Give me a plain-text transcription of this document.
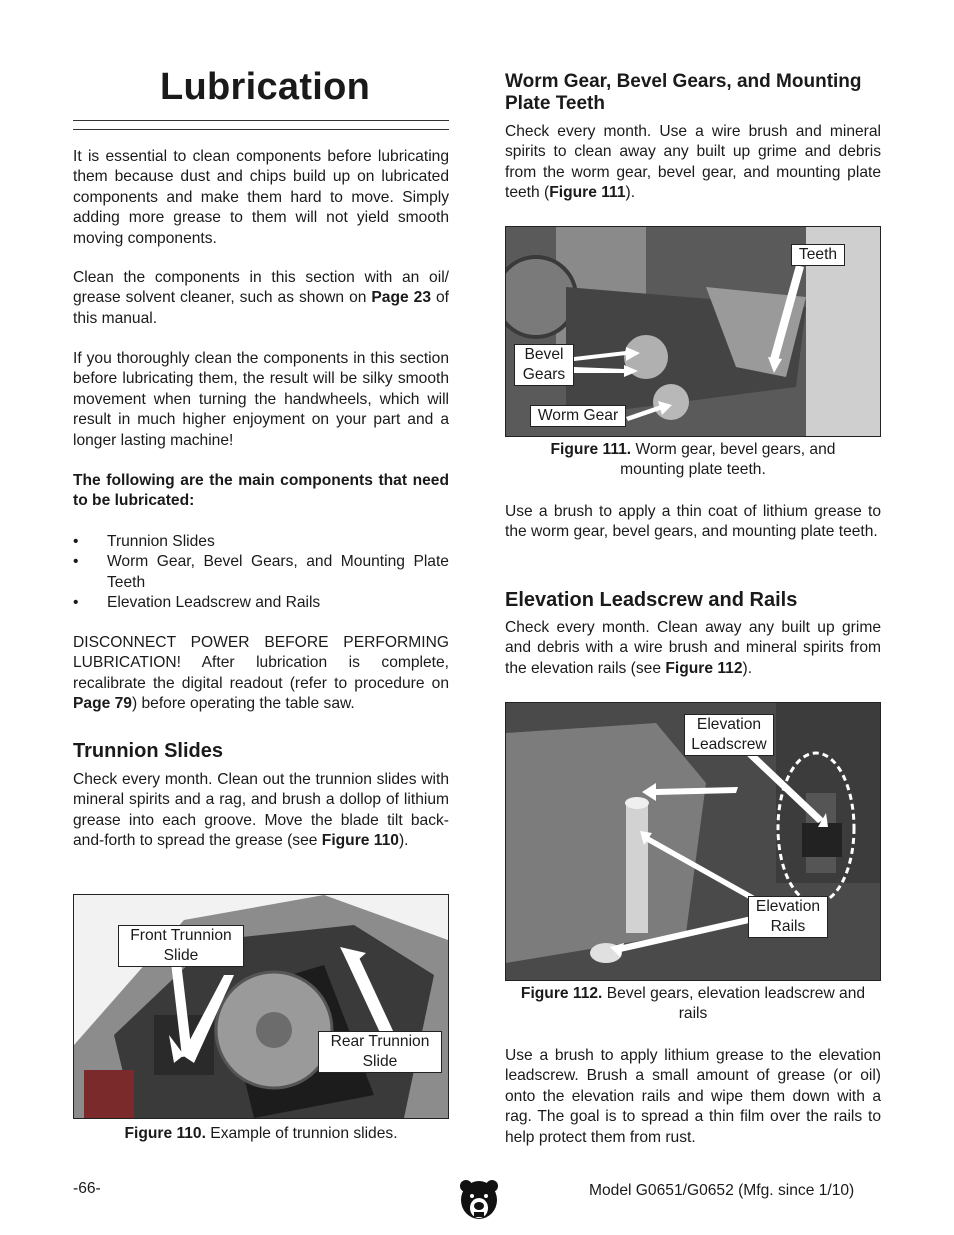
Lubrication

It is essential to clean components before lubricating them because dust and chips build up on lubricated components and make them hard to move. Simply adding more grease to them will not yield smooth moving components.

Clean the components in this section with an oil/ grease solvent cleaner, such as shown on Page 23 of this manual.

If you thoroughly clean the components in this section before lubricating them, the result will be silky smooth movement when turning the handwheels, which will result in much higher enjoyment on your part and a longer lasting machine!

The following are the main components that need to be lubricated:

• Trunnion Slides
• Worm Gear, Bevel Gears, and Mounting Plate Teeth
• Elevation Leadscrew and Rails

DISCONNECT POWER BEFORE PERFORMING LUBRICATION! After lubrication is complete, recalibrate the digital readout (refer to procedure on Page 79) before operating the table saw.

Trunnion Slides

Check every month. Clean out the trunnion slides with mineral spirits and a rag, and brush a dollop of lithium grease into each groove. Move the blade tilt back-and-forth to spread the grease (see Figure 110).

Front Trunnion Slide
Rear Trunnion Slide
Figure 110. Example of trunnion slides.
Worm Gear, Bevel Gears, and Mounting Plate Teeth

Check every month. Use a wire brush and mineral spirits to clean away any built up grime and debris from the worm gear, bevel gear, and mounting plate teeth (Figure 111).

Teeth
Bevel Gears
Worm Gear
Figure 111. Worm gear, bevel gears, and mounting plate teeth.

Use a brush to apply a thin coat of lithium grease to the worm gear, bevel gears, and mounting plate teeth.

Elevation Leadscrew and Rails

Check every month. Clean away any built up grime and debris with a wire brush and mineral spirits from the elevation rails (see Figure 112).

Elevation Leadscrew
Elevation Rails
Figure 112. Bevel gears, elevation leadscrew and rails

Use a brush to apply lithium grease to the elevation leadscrew. Brush a small amount of grease (or oil) onto the elevation rails and wipe them down with a rag. The goal is to spread a thin film over the rails to help protect them from rust.

-66-	Model G0651/G0652 (Mfg. since 1/10)
